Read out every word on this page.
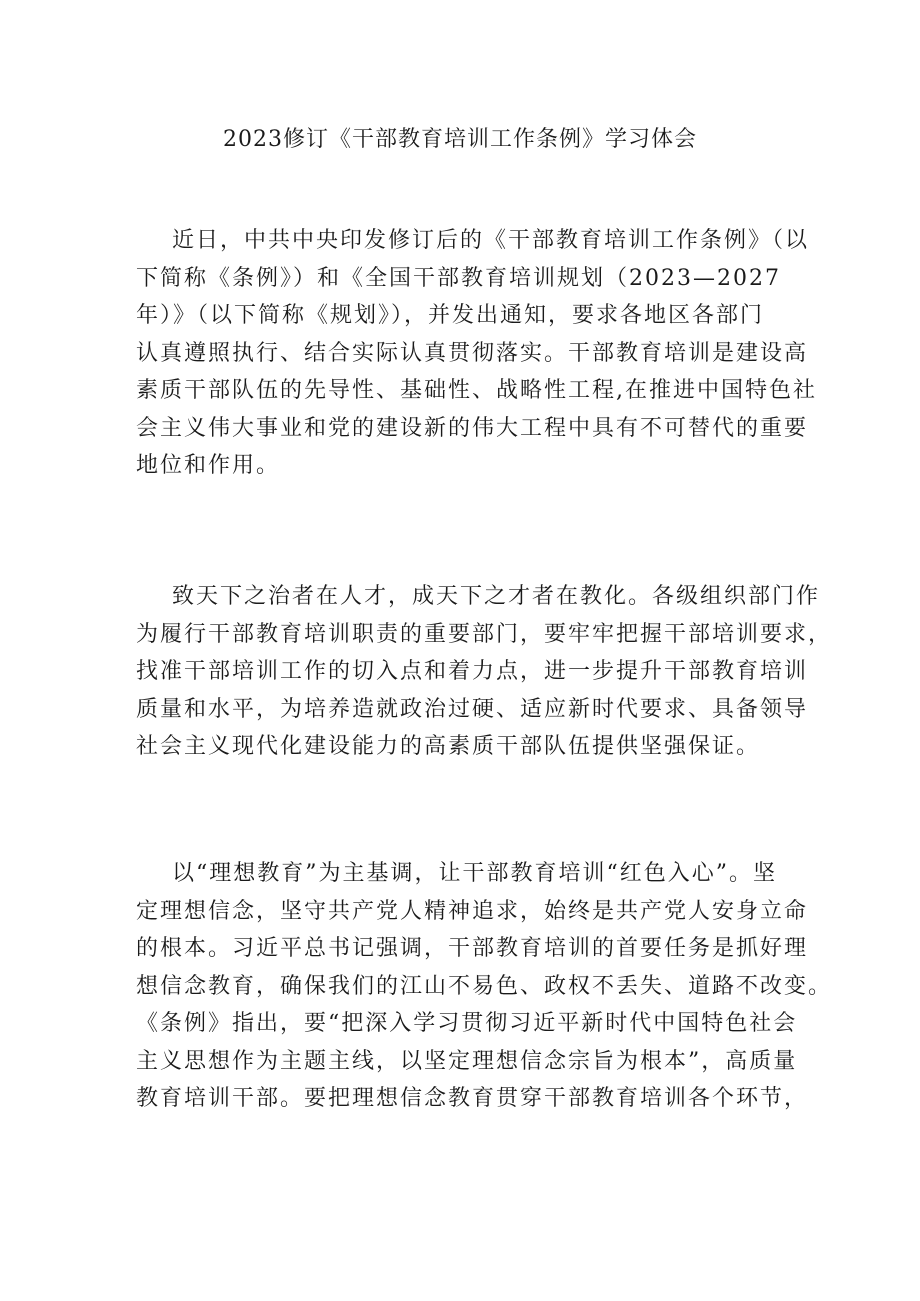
2023修订《干部教育培训工作条例》学习体会
近日，中共中央印发修订后的《干部教育培训工作条例》（以
下简称《条例》）和《全国干部教育培训规划（2023—2027
年）》（以下简称《规划》），并发出通知，要求各地区各部门
认真遵照执行、结合实际认真贯彻落实。干部教育培训是建设高
素质干部队伍的先导性、基础性、战略性工程,在推进中国特色社
会主义伟大事业和党的建设新的伟大工程中具有不可替代的重要
地位和作用。
致天下之治者在人才，成天下之才者在教化。各级组织部门作
为履行干部教育培训职责的重要部门，要牢牢把握干部培训要求，
找准干部培训工作的切入点和着力点，进一步提升干部教育培训
质量和水平，为培养造就政治过硬、适应新时代要求、具备领导
社会主义现代化建设能力的高素质干部队伍提供坚强保证。
以“理想教育”为主基调，让干部教育培训“红色入心”。坚
定理想信念，坚守共产党人精神追求，始终是共产党人安身立命
的根本。习近平总书记强调，干部教育培训的首要任务是抓好理
想信念教育，确保我们的江山不易色、政权不丢失、道路不改变。
《条例》指出，要“把深入学习贯彻习近平新时代中国特色社会
主义思想作为主题主线，以坚定理想信念宗旨为根本”，高质量
教育培训干部。要把理想信念教育贯穿干部教育培训各个环节，
